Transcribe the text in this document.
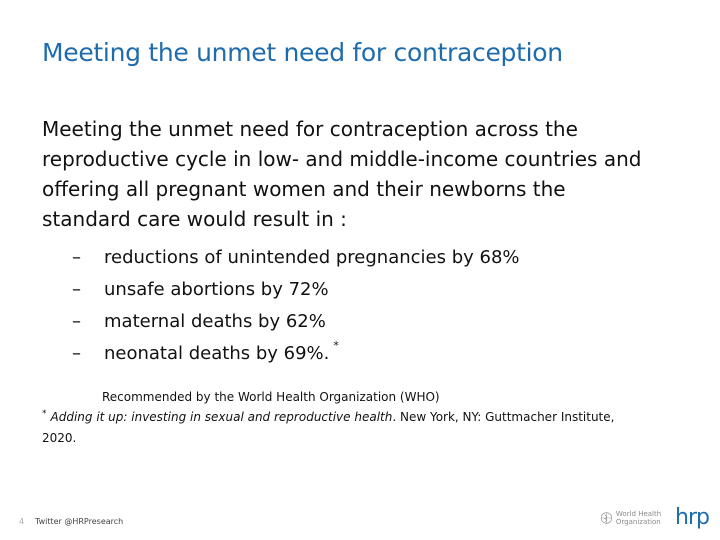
Meeting the unmet need for contraception
Meeting the unmet need for contraception across the
reproductive cycle in low- and middle-income countries and
offering all pregnant women and their newborns the
standard care would result in :
–	reductions of unintended pregnancies by 68%
–	unsafe abortions by 72%
–	maternal deaths by 62%
–	neonatal deaths by 69%. *
Recommended by the World Health Organization (WHO)
* Adding it up: investing in sexual and reproductive health. New York, NY: Guttmacher Institute, 2020.
4 Twitter @HRPresearch
World Health Organization hrp
